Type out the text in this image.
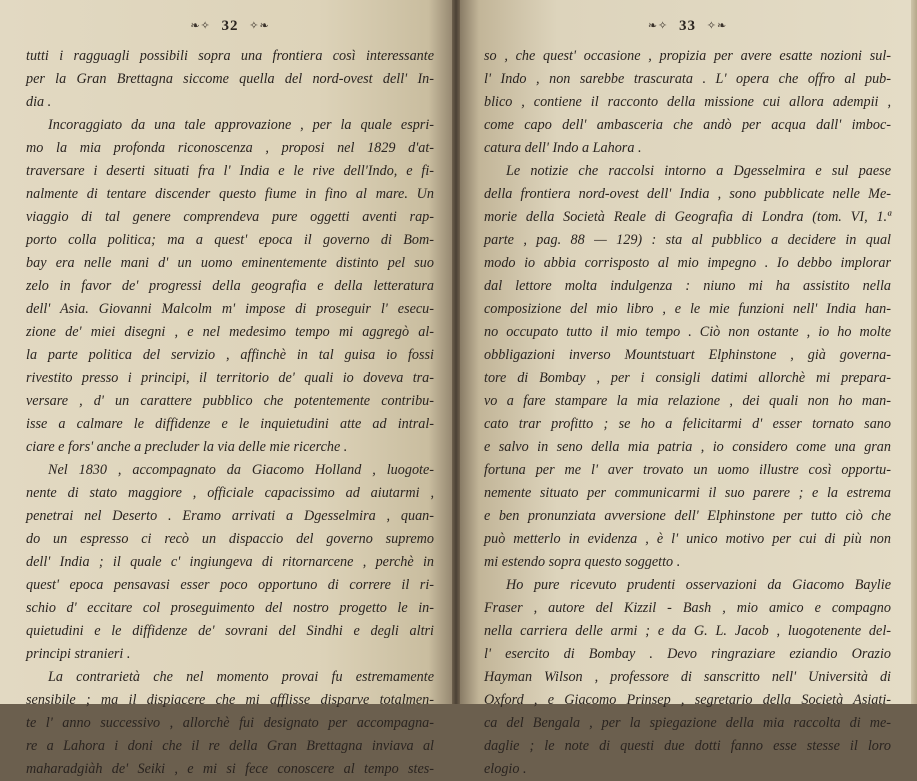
❧✧ 32 ✧❧
tutti i ragguagli possibili sopra una frontiera così interessante
per la Gran Brettagna siccome quella del nord-ovest dell' In-
dia .
Incoraggiato da una tale approvazione , per la quale espri-
mo la mia profonda riconoscenza , proposi nel 1829 d'at-
traversare i deserti situati fra l' India e le rive dell'Indo, e fi-
nalmente di tentare discender questo fiume in fino al mare. Un
viaggio di tal genere comprendeva pure oggetti aventi rap-
porto colla politica; ma a quest' epoca il governo di Bom-
bay era nelle mani d' un uomo eminentemente distinto pel suo
zelo in favor de' progressi della geografia e della letteratura
dell' Asia. Giovanni Malcolm m' impose di proseguir l' esecu-
zione de' miei disegni , e nel medesimo tempo mi aggregò al-
la parte politica del servizio , affinchè in tal guisa io fossi
rivestito presso i principi, il territorio de' quali io doveva tra-
versare , d' un carattere pubblico che potentemente contribu-
isse a calmare le diffidenze e le inquietudini atte ad intral-
ciare e fors' anche a precluder la via delle mie ricerche .
Nel 1830 , accompagnato da Giacomo Holland , luogote-
nente di stato maggiore , officiale capacissimo ad aiutarmi ,
penetrai nel Deserto . Eramo arrivati a Dgesselmira , quan-
do un espresso ci recò un dispaccio del governo supremo
dell' India ; il quale c' ingiungeva di ritornarcene , perchè in
quest' epoca pensavasi esser poco opportuno di correre il ri-
schio d' eccitare col proseguimento del nostro progetto le in-
quietudini e le diffidenze de' sovrani del Sindhi e degli altri
principi stranieri .
La contrarietà che nel momento provai fu estremamente
sensibile ; ma il dispiacere che mi afflisse disparve totalmen-
te l' anno successivo , allorchè fui designato per accompagna-
re a Lahora i doni che il re della Gran Brettagna inviava al
maharadgiàh de' Seiki , e mi si fece conoscere al tempo stes-
❧✧ 33 ✧❧
so , che quest' occasione , propizia per avere esatte nozioni sul-
l' Indo , non sarebbe trascurata . L' opera che offro al pub-
blico , contiene il racconto della missione cui allora adempii ,
come capo dell' ambasceria che andò per acqua dall' imboc-
catura dell' Indo a Lahora .
Le notizie che raccolsi intorno a Dgesselmira e sul paese
della frontiera nord-ovest dell' India , sono pubblicate nelle Me-
morie della Società Reale di Geografia di Londra (tom. VI, 1.ª
parte , pag. 88 — 129) : sta al pubblico a decidere in qual
modo io abbia corrisposto al mio impegno . Io debbo implorar
dal lettore molta indulgenza : niuno mi ha assistito nella
composizione del mio libro , e le mie funzioni nell' India han-
no occupato tutto il mio tempo . Ciò non ostante , io ho molte
obbligazioni inverso Mountstuart Elphinstone , già governa-
tore di Bombay , per i consigli datimi allorchè mi prepara-
vo a fare stampare la mia relazione , dei quali non ho man-
cato trar profitto ; se ho a felicitarmi d' esser tornato sano
e salvo in seno della mia patria , io considero come una gran
fortuna per me l' aver trovato un uomo illustre così opportu-
nemente situato per communicarmi il suo parere ; e la estrema
e ben pronunziata avversione dell' Elphinstone per tutto ciò che
può metterlo in evidenza , è l' unico motivo per cui di più non
mi estendo sopra questo soggetto .
Ho pure ricevuto prudenti osservazioni da Giacomo Baylie
Fraser , autore del Kizzil - Bash , mio amico e compagno
nella carriera delle armi ; e da G. L. Jacob , luogotenente del-
l' esercito di Bombay . Devo ringraziare eziandio Orazio
Hayman Wilson , professore di sanscritto nell' Università di
Oxford , e Giacomo Prinsep , segretario della Società Asiati-
ca del Bengala , per la spiegazione della mia raccolta di me-
daglie ; le note di questi due dotti fanno esse stesse il loro
elogio .
